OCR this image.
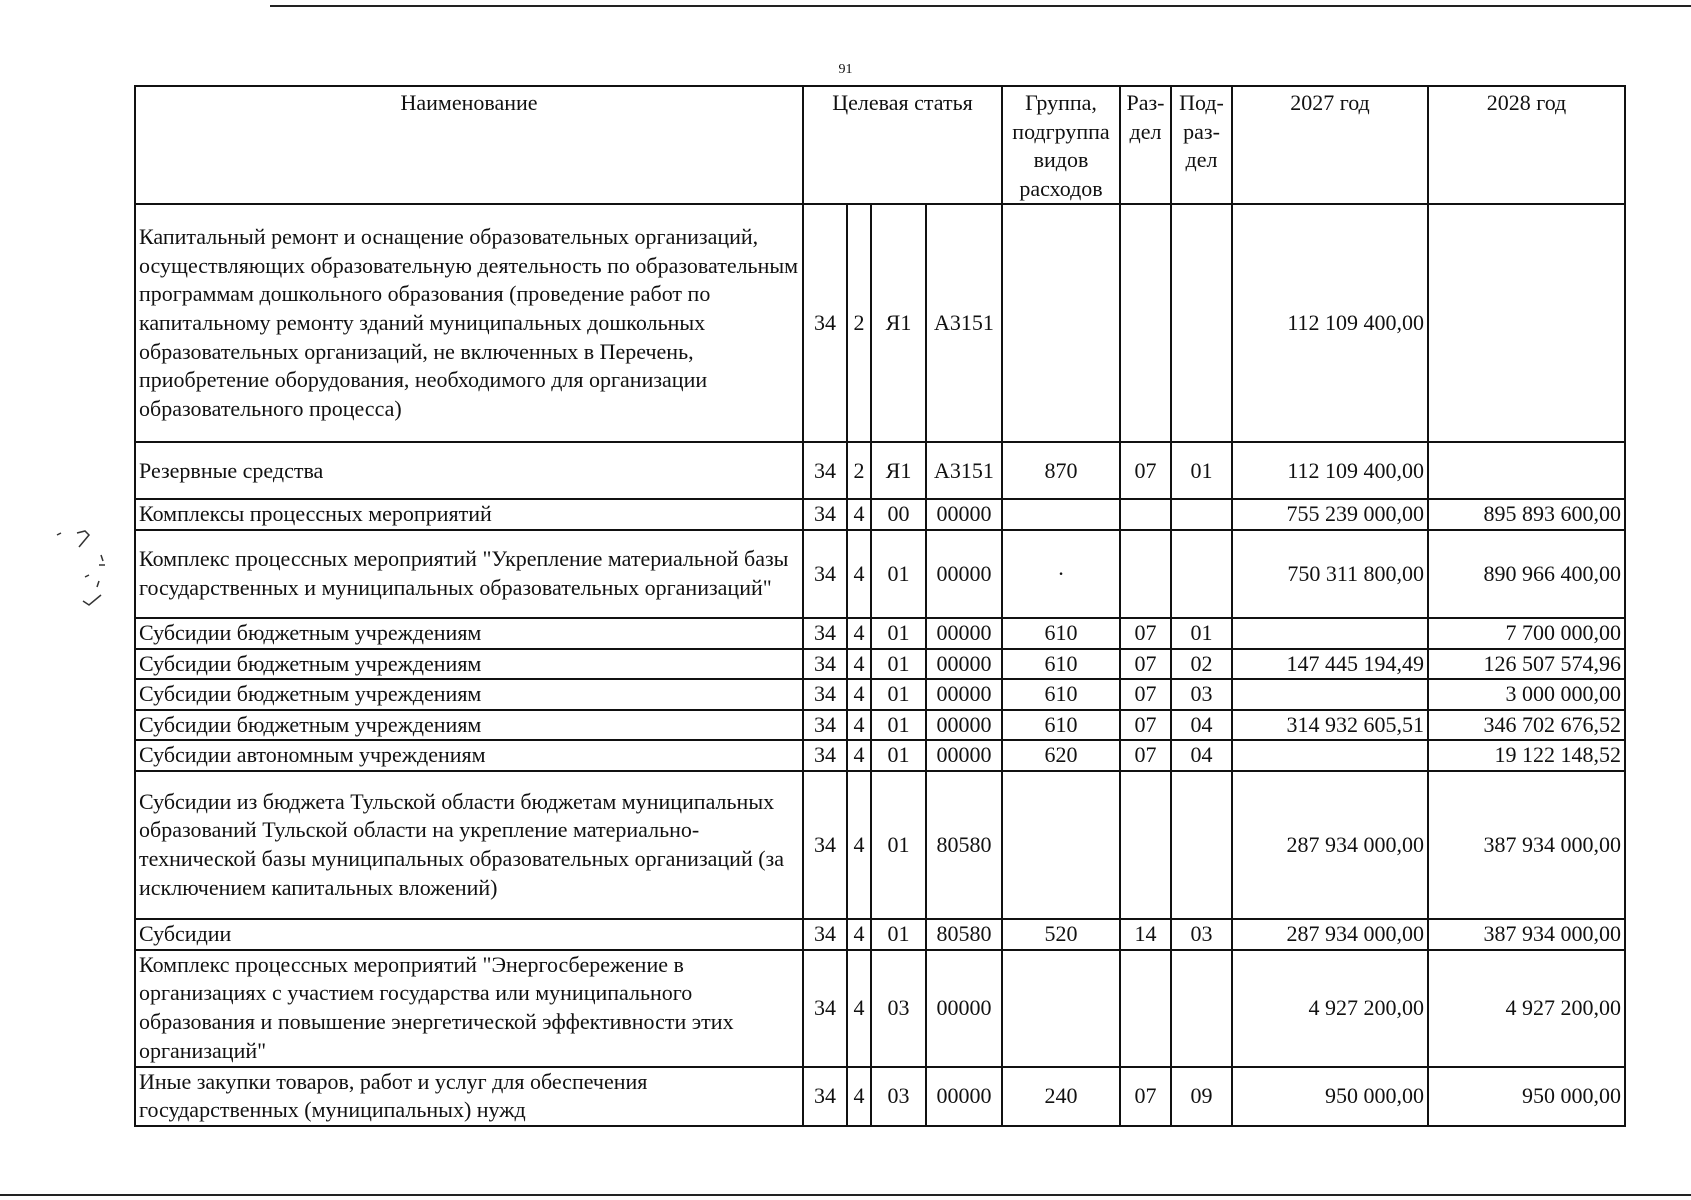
91
Наименование	Целевая статья				Группа, подгруппа видов расходов	Раз- дел	Под- раз- дел	2027 год	2028 год
Капитальный ремонт и оснащение образовательных организаций, осуществляющих образовательную деятельность по образовательным программам дошкольного образования (проведение работ по капитальному ремонту зданий муниципальных дошкольных образовательных организаций, не включенных в Перечень, приобретение оборудования, необходимого для организации образовательного процесса)	34	2	Я1	А3151				112 109 400,00	
Резервные средства	34	2	Я1	А3151	870	07	01	112 109 400,00	
Комплексы процессных мероприятий	34	4	00	00000				755 239 000,00	895 893 600,00
Комплекс процессных мероприятий "Укрепление материальной базы государственных и муниципальных образовательных организаций"	34	4	01	00000	·			750 311 800,00	890 966 400,00
Субсидии бюджетным учреждениям	34	4	01	00000	610	07	01		7 700 000,00
Субсидии бюджетным учреждениям	34	4	01	00000	610	07	02	147 445 194,49	126 507 574,96
Субсидии бюджетным учреждениям	34	4	01	00000	610	07	03		3 000 000,00
Субсидии бюджетным учреждениям	34	4	01	00000	610	07	04	314 932 605,51	346 702 676,52
Субсидии автономным учреждениям	34	4	01	00000	620	07	04		19 122 148,52
Субсидии из бюджета Тульской области бюджетам муниципальных образований Тульской области на укрепление материально-технической базы муниципальных образовательных организаций (за исключением капитальных вложений)	34	4	01	80580				287 934 000,00	387 934 000,00
Субсидии	34	4	01	80580	520	14	03	287 934 000,00	387 934 000,00
Комплекс процессных мероприятий "Энергосбережение в организациях с участием государства или муниципального образования и повышение энергетической эффективности этих организаций"	34	4	03	00000				4 927 200,00	4 927 200,00
Иные закупки товаров, работ и услуг для обеспечения государственных (муниципальных) нужд	34	4	03	00000	240	07	09	950 000,00	950 000,00
